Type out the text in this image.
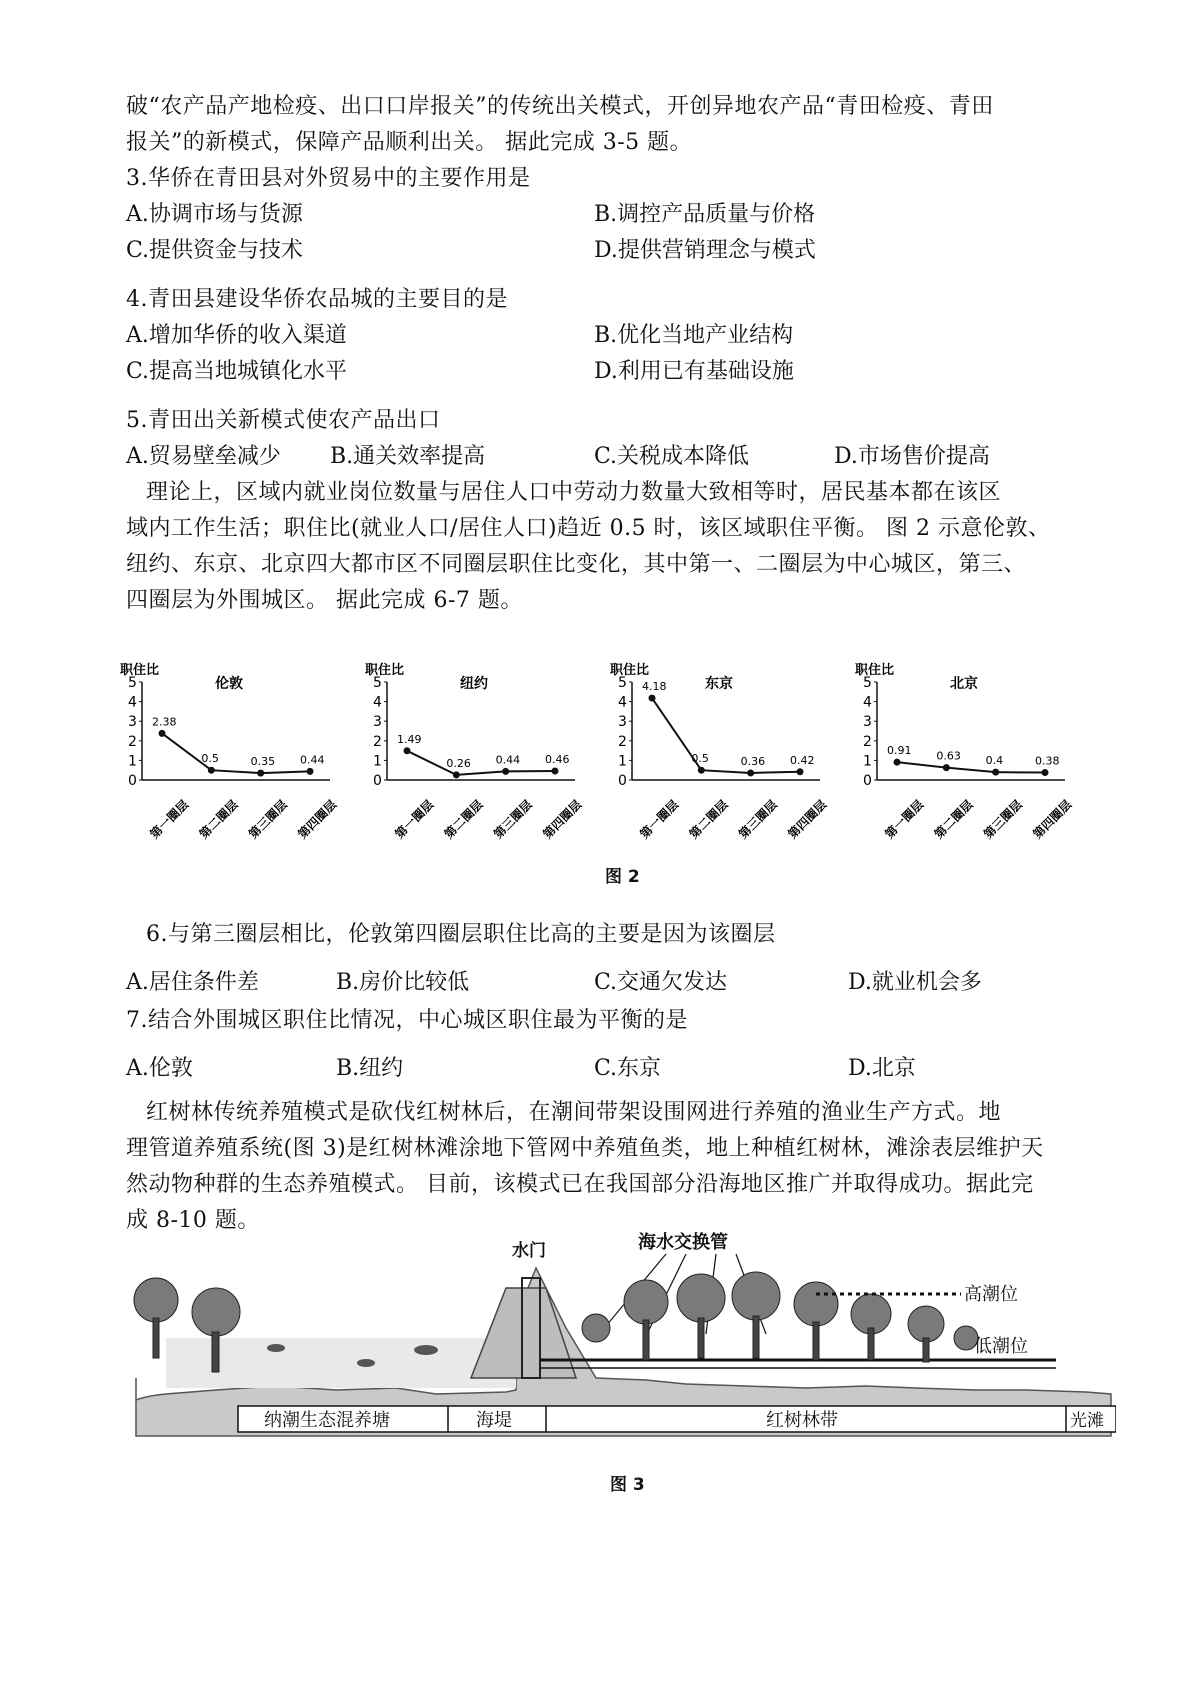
破“农产品产地检疫、出口口岸报关”的传统出关模式，开创异地农产品“青田检疫、青田
报关”的新模式，保障产品顺利出关。 据此完成 3-5 题。
3.华侨在青田县对外贸易中的主要作用是
A.协调市场与货源	B.调控产品质量与价格
C.提供资金与技术	D.提供营销理念与模式
4.青田县建设华侨农品城的主要目的是
A.增加华侨的收入渠道	B.优化当地产业结构
C.提高当地城镇化水平	D.利用已有基础设施
5.青田出关新模式使农产品出口
A.贸易壁垒减少 B.通关效率提高	C.关税成本降低	D.市场售价提高
理论上，区域内就业岗位数量与居住人口中劳动力数量大致相等时，居民基本都在该区
域内工作生活；职住比(就业人口/居住人口)趋近 0.5 时，该区域职住平衡。 图 2 示意伦敦、
纽约、东京、北京四大都市区不同圈层职住比变化，其中第一、二圈层为中心城区，第三、
四圈层为外围城区。 据此完成 6-7 题。
职住比
伦敦
0
1
2
3
4
5
2.38
第一圈层
0.5
第二圈层
0.35
第三圈层
0.44
第四圈层
职住比
纽约
0
1
2
3
4
5
1.49
第一圈层
0.26
第二圈层
0.44
第三圈层
0.46
第四圈层
职住比
东京
0
1
2
3
4
5 4.18
第一圈层
0.5
第二圈层
0.36
第三圈层
0.42
第四圈层
职住比
北京
0
1
2
3
4
5
0.91
第一圈层
0.63
第二圈层
0.4
第三圈层
0.38
第四圈层
图 2
6.与第三圈层相比，伦敦第四圈层职住比高的主要是因为该圈层
A.居住条件差	B.房价比较低	C.交通欠发达	D.就业机会多
7.结合外围城区职住比情况，中心城区职住最为平衡的是
A.伦敦	B.纽约	C.东京	D.北京
红树林传统养殖模式是砍伐红树林后，在潮间带架设围网进行养殖的渔业生产方式。地
理管道养殖系统(图 3)是红树林滩涂地下管网中养殖鱼类，地上种植红树林，滩涂表层维护天
然动物种群的生态养殖模式。 目前，该模式已在我国部分沿海地区推广并取得成功。据此完
成 8-10 题。
水门	海水交换管
高潮位
低潮位
纳潮生态混养塘	海堤	红树林带	光滩
图 3
